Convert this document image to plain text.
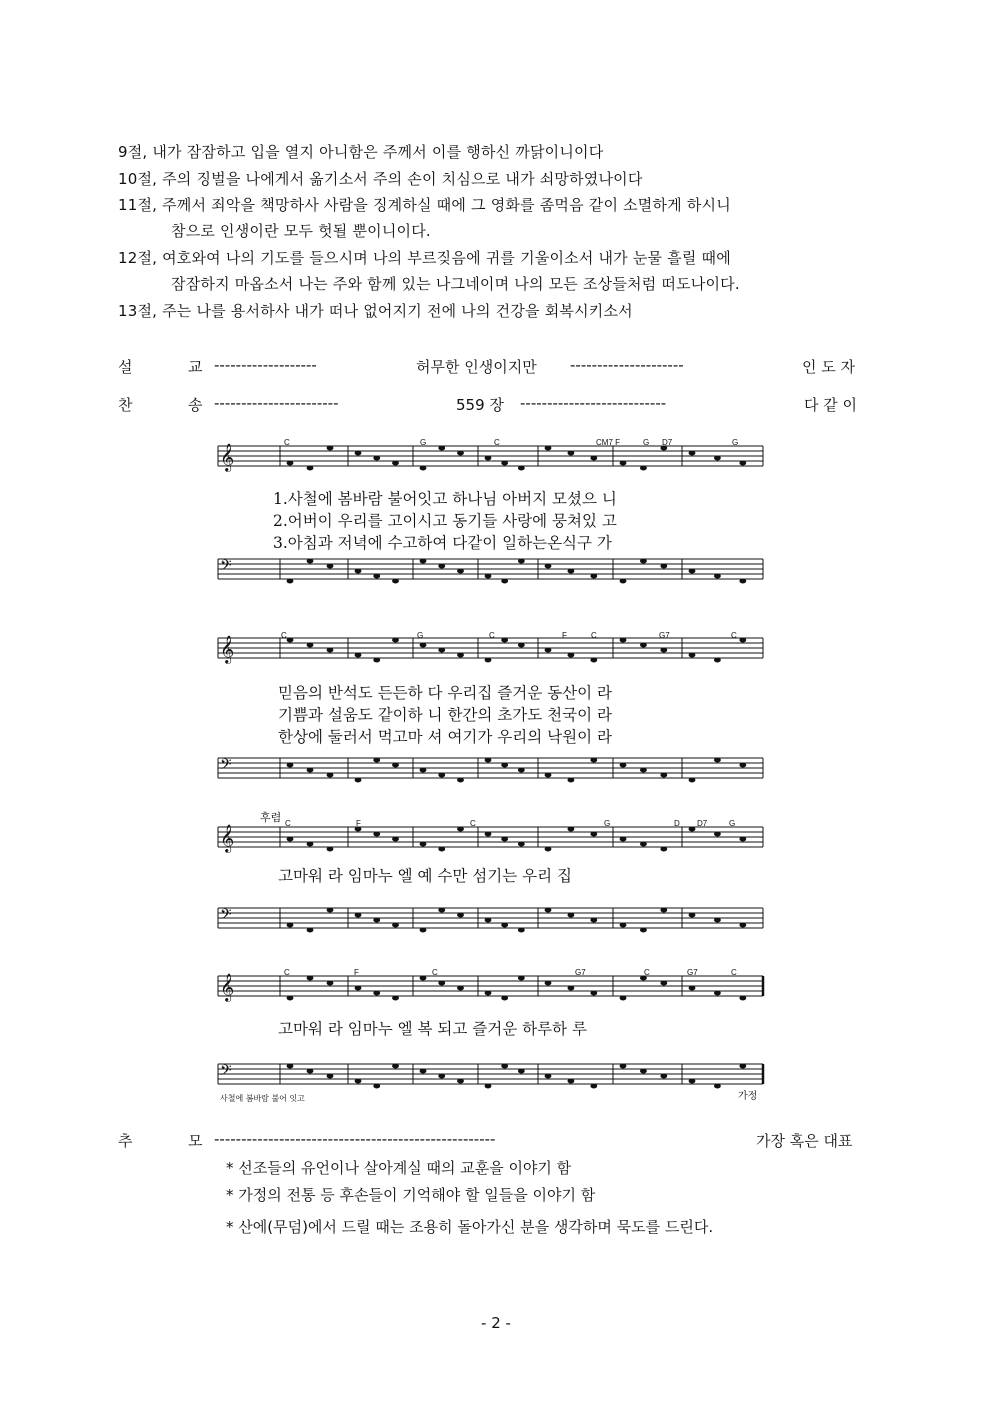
9절, 내가 잠잠하고 입을 열지 아니함은 주께서 이를 행하신 까닭이니이다
10절, 주의 징벌을 나에게서 옮기소서 주의 손이 치심으로 내가 쇠망하였나이다
11절, 주께서 죄악을 책망하사 사람을 징계하실 때에 그 영화를 좀먹음 같이 소멸하게 하시니
참으로 인생이란 모두 헛될 뿐이니이다.
12절, 여호와여 나의 기도를 들으시며 나의 부르짖음에 귀를 기울이소서 내가 눈물 흘릴 때에
잠잠하지 마옵소서 나는 주와 함께 있는 나그네이며 나의 모든 조상들처럼 떠도나이다.
13절, 주는 나를 용서하사 내가 떠나 없어지기 전에 나의 건강을 회복시키소서
설	교 -------------------	허무한 인생이지만 ---------------------	인 도 자
찬	송 -----------------------	559 장 ---------------------------	다 같 이
𝄞
𝄢
𝄞
𝄢
𝄞
𝄢
𝄞
𝄢
C	G	C	CM7 F	G D7	G
C	G	C	F	C	G7	C
C	F	C	G	D D7	G
C	F	C	G7	C	G7	C
1.사철에 봄바람 불어잇고 하나님 아버지 모셨으 니
2.어버이 우리를 고이시고 동기들 사랑에 뭉쳐있 고
3.아침과 저녁에 수고하여 다같이 일하는온식구 가
믿음의 반석도 든든하 다 우리집 즐거운 동산이 라
기쁨과 설움도 같이하 니 한간의 초가도 천국이 라
한상에 둘러서 먹고마 셔 여기가 우리의 낙원이 라
후렴
고마워 라 임마누 엘 예 수만 섬기는 우리 집
고마워 라 임마누 엘 복 되고 즐거운 하루하 루
사철에 봄바람 불어 잇고	가정
추	모 ----------------------------------------------------	가장 혹은 대표
* 선조들의 유언이나 살아계실 때의 교훈을 이야기 함
* 가정의 전통 등 후손들이 기억해야 할 일들을 이야기 함
* 산에(무덤)에서 드릴 때는 조용히 돌아가신 분을 생각하며 묵도를 드린다.
- 2 -
